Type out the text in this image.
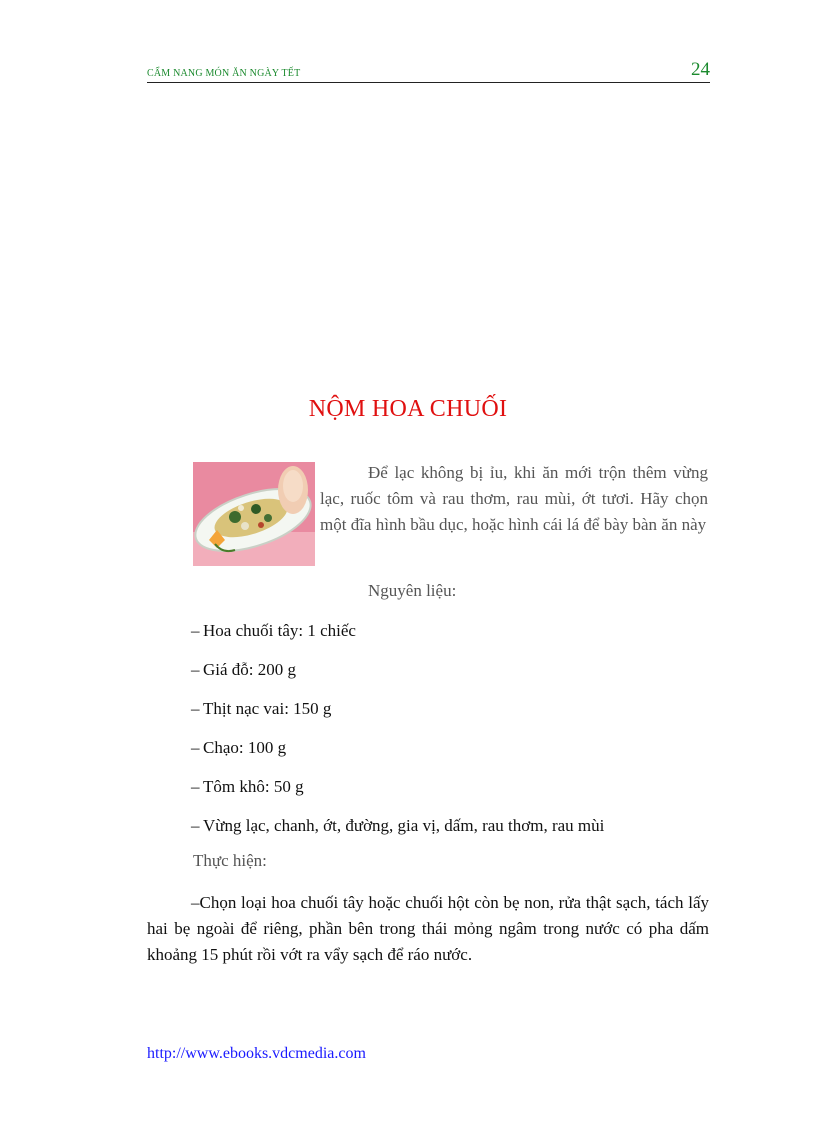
CẨM NANG MÓN ĂN NGÀY TẾT	24
NỘM HOA CHUỐI

Để lạc không bị ỉu, khi ăn mới trộn thêm vừng lạc, ruốc tôm và rau thơm, rau mùi, ớt tươi. Hãy chọn một đĩa hình bầu dục, hoặc hình cái lá để bày bàn ăn này

Nguyên liệu:
– Hoa chuối tây: 1 chiếc
– Giá đỗ: 200 g
– Thịt nạc vai: 150 g
– Chạo: 100 g
– Tôm khô: 50 g
– Vừng lạc, chanh, ớt, đường, gia vị, dấm, rau thơm, rau mùi
Thực hiện:

–Chọn loại hoa chuối tây hoặc chuối hột còn bẹ non, rửa thật sạch, tách lấy hai bẹ ngoài để riêng, phần bên trong thái mỏng ngâm trong nước có pha dấm khoảng 15 phút rồi vớt ra vẩy sạch để ráo nước.

http://www.ebooks.vdcmedia.com
